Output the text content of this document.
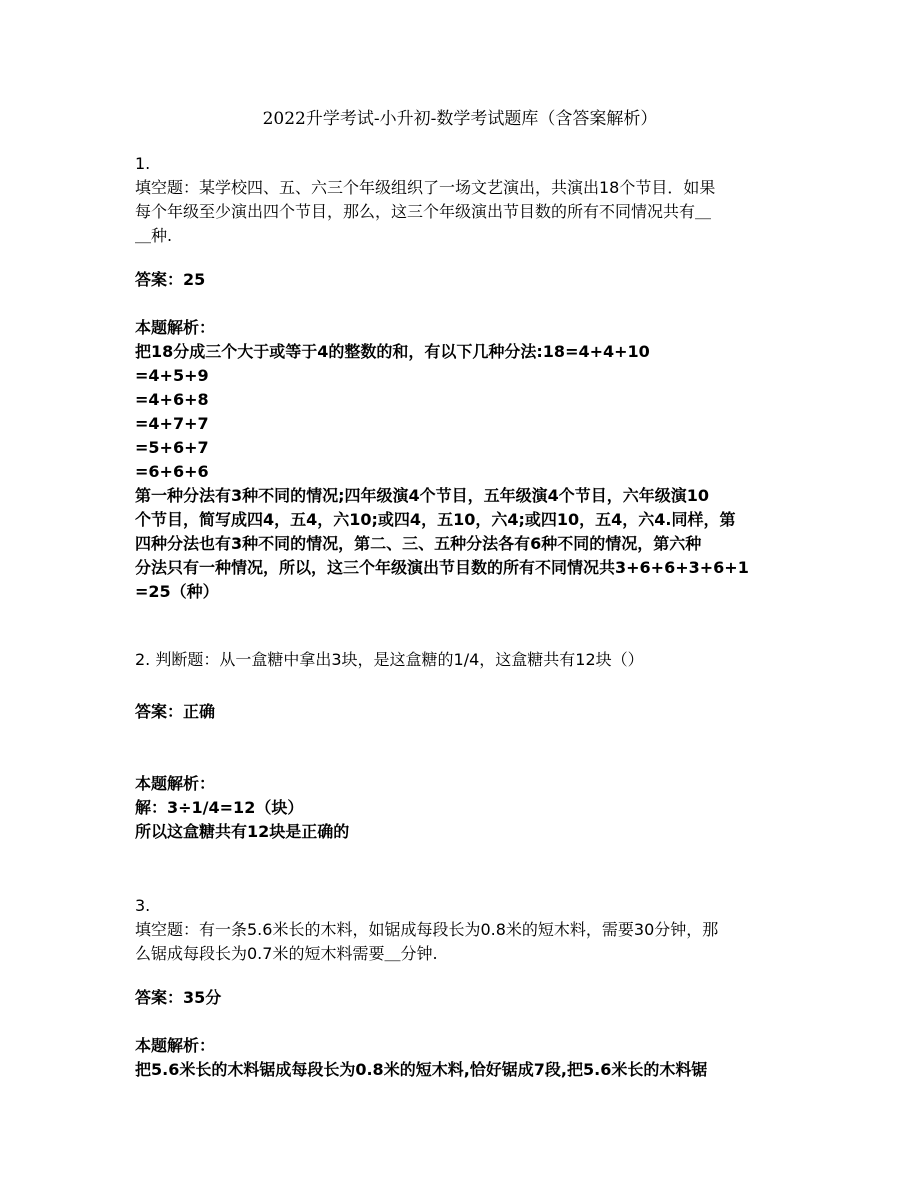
2022升学考试-小升初-数学考试题库（含答案解析）
1.
填空题：某学校四、五、六三个年级组织了一场文艺演出，共演出18个节目．如果
每个年级至少演出四个节目，那么，这三个年级演出节目数的所有不同情况共有＿
＿种.
答案：25
本题解析：
把18分成三个大于或等于4的整数的和，有以下几种分法:18=4+4+10
=4+5+9
=4+6+8
=4+7+7
=5+6+7
=6+6+6
第一种分法有3种不同的情况;四年级演4个节目，五年级演4个节目，六年级演10
个节目，简写成四4，五4，六10;或四4，五10，六4;或四10，五4，六4.同样，第
四种分法也有3种不同的情况，第二、三、五种分法各有6种不同的情况，第六种
分法只有一种情况，所以，这三个年级演出节目数的所有不同情况共3+6+6+3+6+1
=25（种）
2. 判断题：从一盒糖中拿出3块，是这盒糖的1/4，这盒糖共有12块（）
答案：正确
本题解析：
解：3÷1/4=12（块）
所以这盒糖共有12块是正确的
3.
填空题：有一条5.6米长的木料，如锯成每段长为0.8米的短木料，需要30分钟，那
么锯成每段长为0.7米的短木料需要＿分钟.
答案：35分
本题解析：
把5.6米长的木料锯成每段长为0.8米的短木料,恰好锯成7段,把5.6米长的木料锯
